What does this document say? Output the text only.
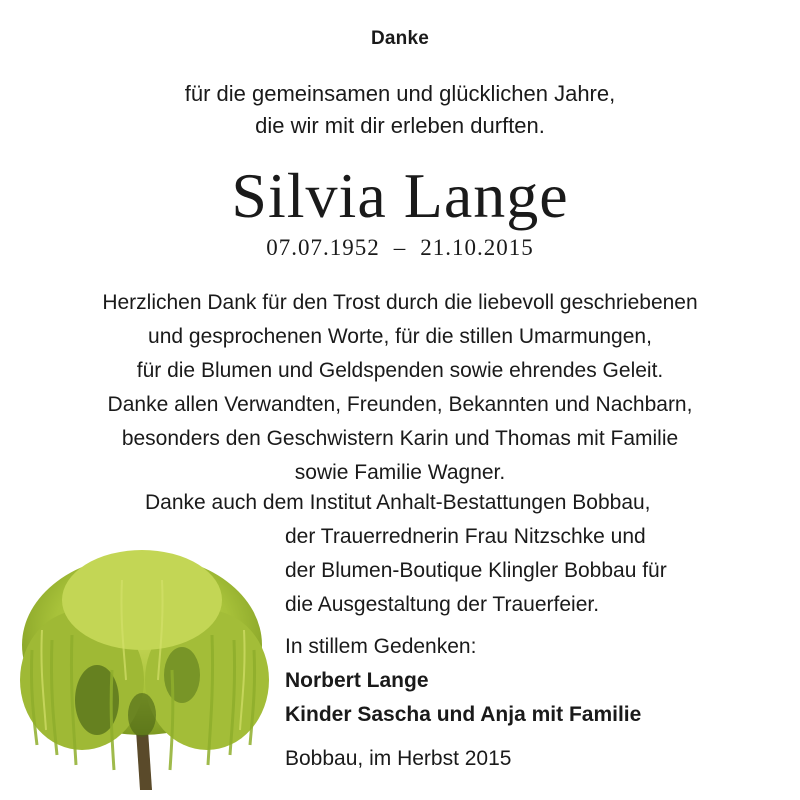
Danke
für die gemeinsamen und glücklichen Jahre,
die wir mit dir erleben durften.
Silvia Lange
07.07.1952 – 21.10.2015
Herzlichen Dank für den Trost durch die liebevoll geschriebenen
und gesprochenen Worte, für die stillen Umarmungen,
für die Blumen und Geldspenden sowie ehrendes Geleit.
Danke allen Verwandten, Freunden, Bekannten und Nachbarn,
besonders den Geschwistern Karin und Thomas mit Familie
sowie Familie Wagner.
Danke auch dem Institut Anhalt-Bestattungen Bobbau,
der Trauerrednerin Frau Nitzschke und
der Blumen-Boutique Klingler Bobbau für
die Ausgestaltung der Trauerfeier.
In stillem Gedenken:
Norbert Lange
Kinder Sascha und Anja mit Familie
Bobbau, im Herbst 2015
